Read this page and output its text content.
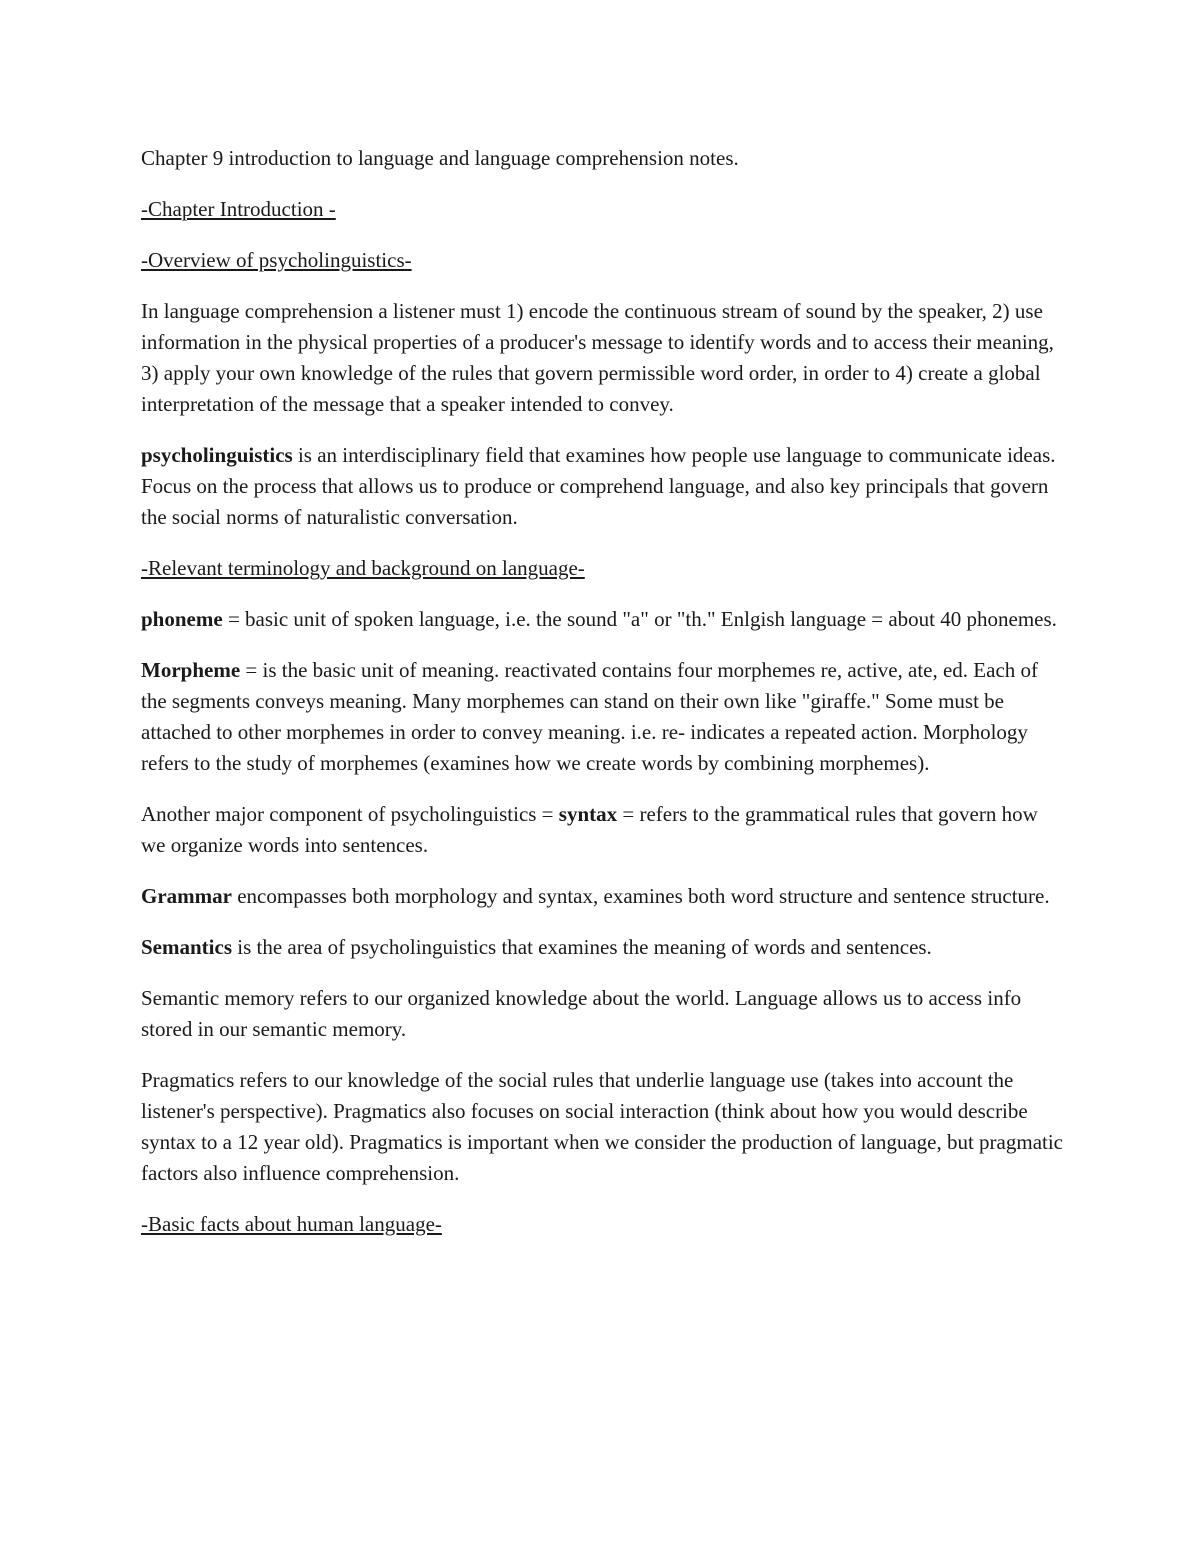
Chapter 9 introduction to language and language comprehension notes.

-Chapter Introduction -

-Overview of psycholinguistics-

In language comprehension a listener must 1) encode the continuous stream of sound by the speaker, 2) use information in the physical properties of a producer's message to identify words and to access their meaning, 3) apply your own knowledge of the rules that govern permissible word order, in order to 4) create a global interpretation of the message that a speaker intended to convey.

psycholinguistics is an interdisciplinary field that examines how people use language to communicate ideas. Focus on the process that allows us to produce or comprehend language, and also key principals that govern the social norms of naturalistic conversation.

-Relevant terminology and background on language-

phoneme = basic unit of spoken language, i.e. the sound "a" or "th." Enlgish language = about 40 phonemes.

Morpheme = is the basic unit of meaning. reactivated contains four morphemes re, active, ate, ed. Each of the segments conveys meaning. Many morphemes can stand on their own like "giraffe." Some must be attached to other morphemes in order to convey meaning. i.e. re- indicates a repeated action. Morphology refers to the study of morphemes (examines how we create words by combining morphemes).

Another major component of psycholinguistics = syntax = refers to the grammatical rules that govern how we organize words into sentences.

Grammar encompasses both morphology and syntax, examines both word structure and sentence structure.

Semantics is the area of psycholinguistics that examines the meaning of words and sentences.

Semantic memory refers to our organized knowledge about the world. Language allows us to access info stored in our semantic memory.

Pragmatics refers to our knowledge of the social rules that underlie language use (takes into account the listener's perspective). Pragmatics also focuses on social interaction (think about how you would describe syntax to a 12 year old). Pragmatics is important when we consider the production of language, but pragmatic factors also influence comprehension.

-Basic facts about human language-
